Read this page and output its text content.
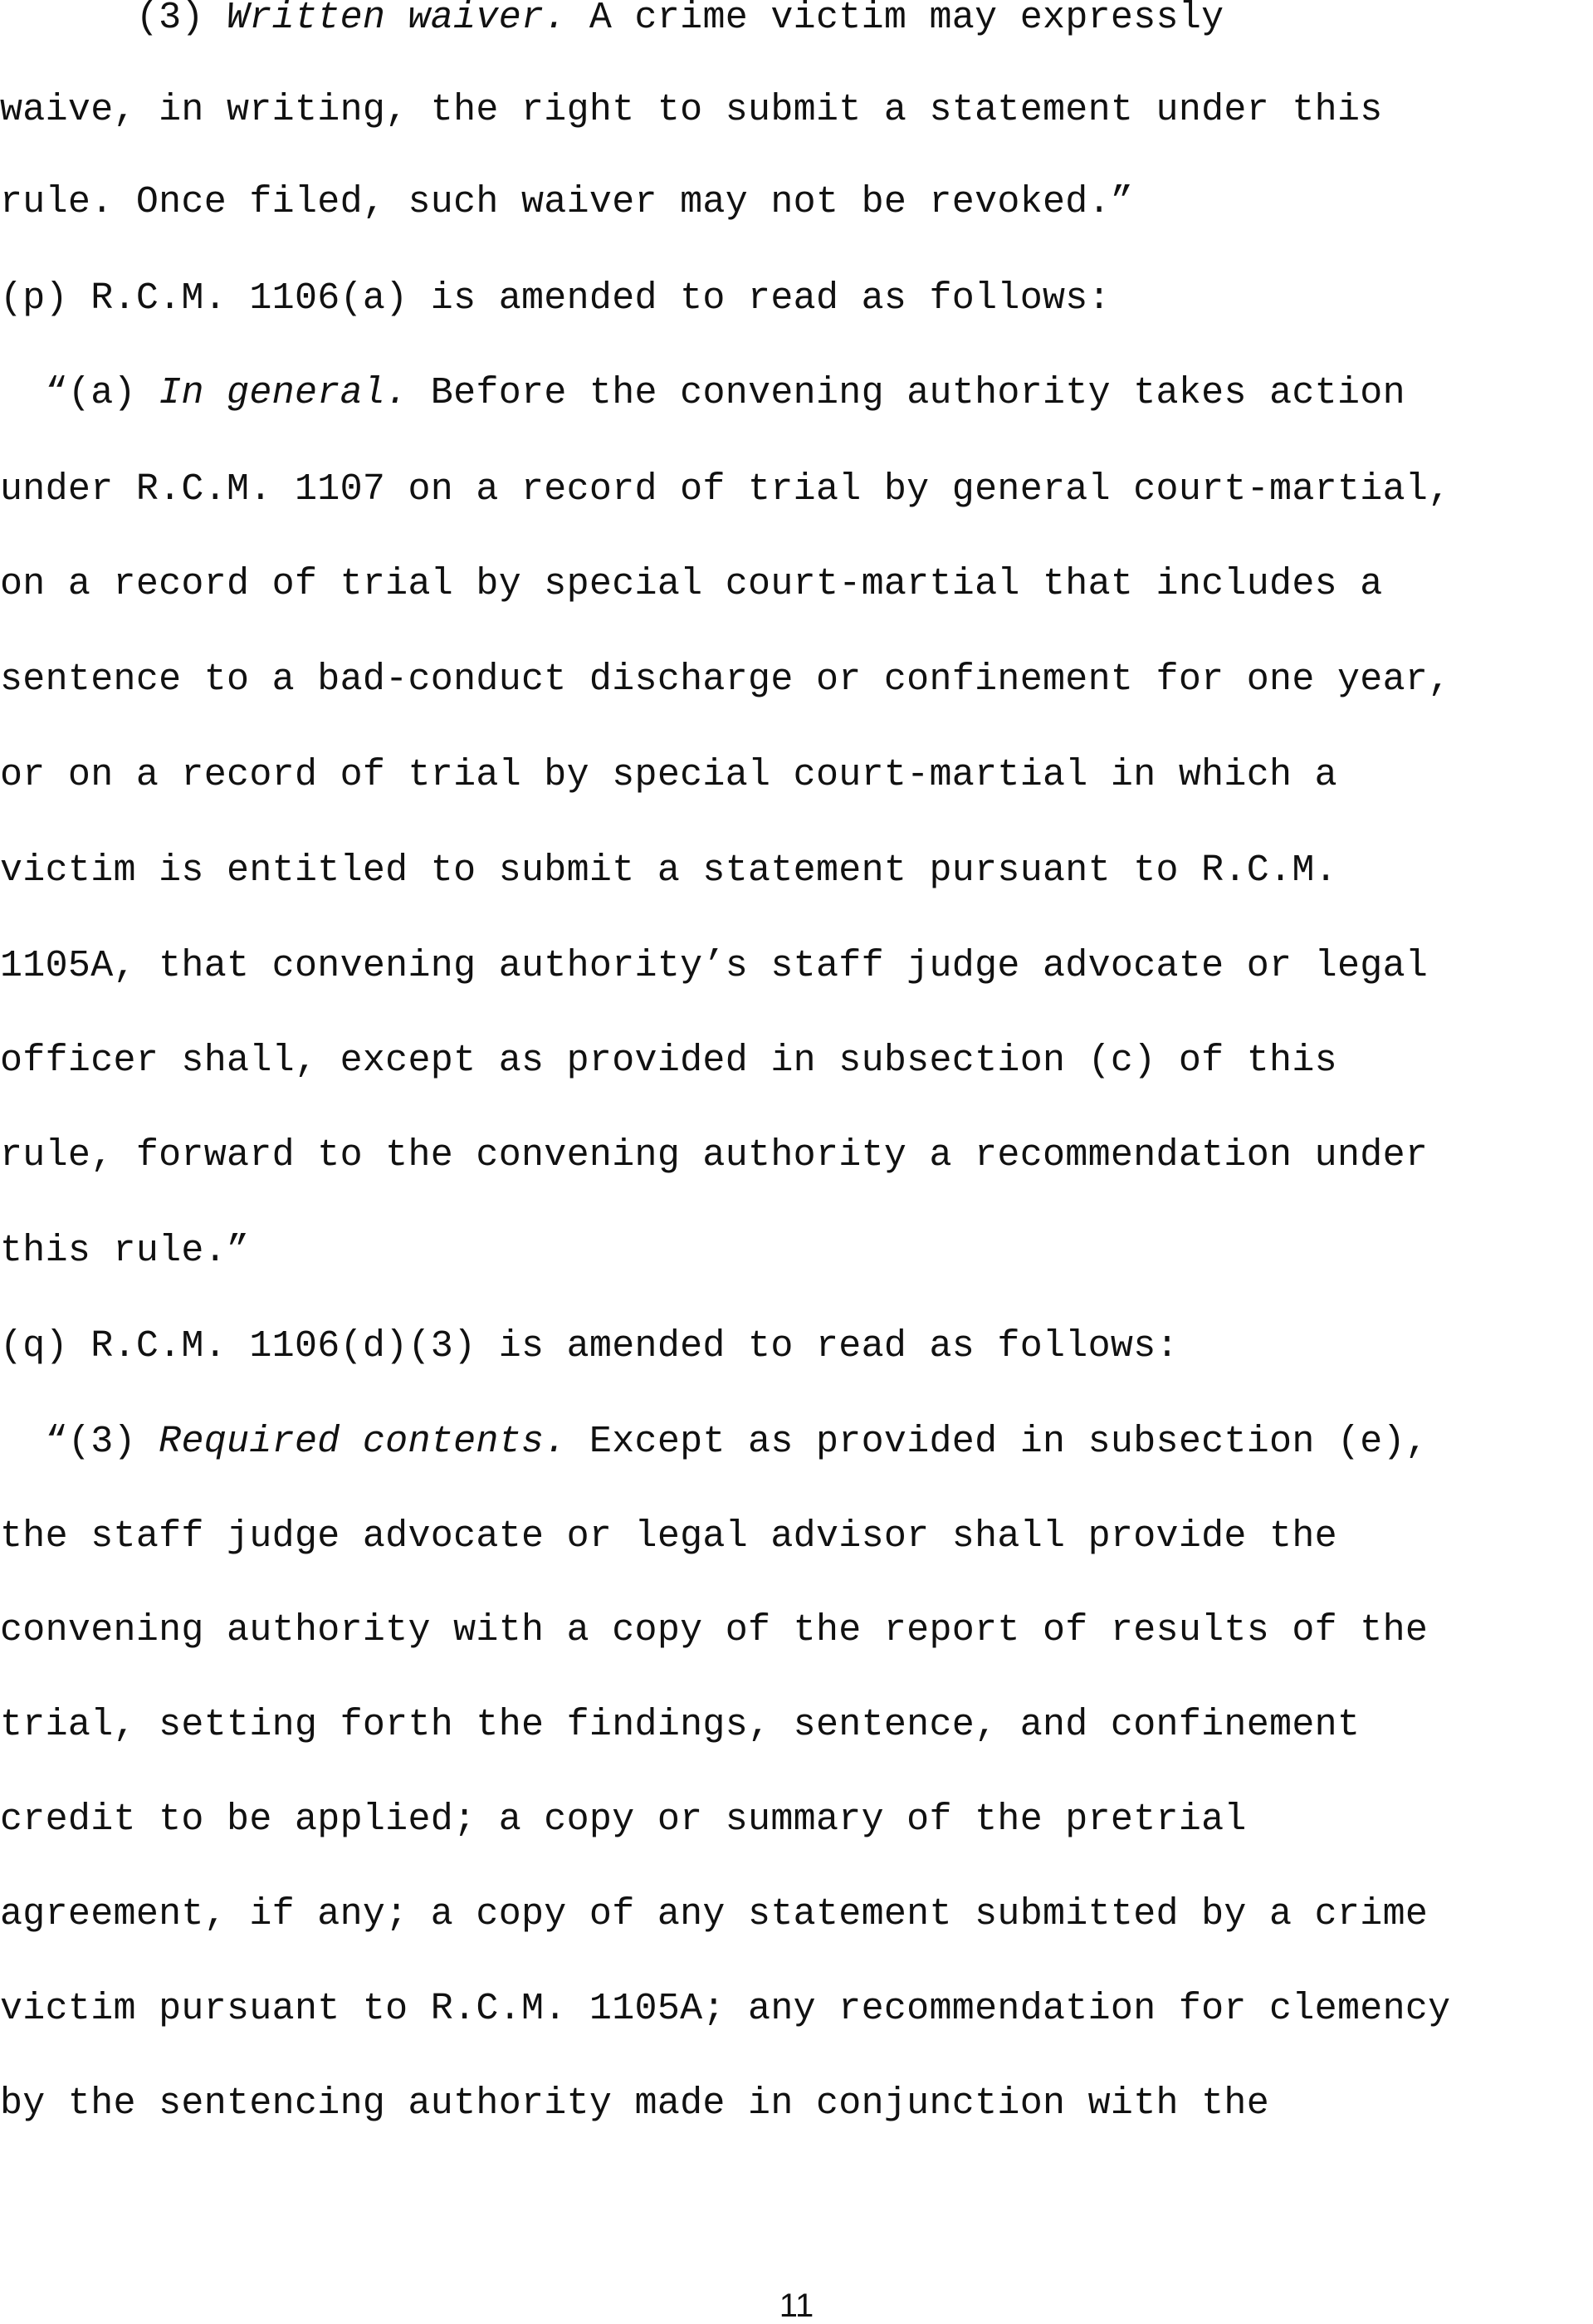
(3) Written waiver. A crime victim may expressly

waive, in writing, the right to submit a statement under this

rule. Once filed, such waiver may not be revoked.”

(p) R.C.M. 1106(a) is amended to read as follows:

“(a) In general. Before the convening authority takes action

under R.C.M. 1107 on a record of trial by general court-martial,

on a record of trial by special court-martial that includes a

sentence to a bad-conduct discharge or confinement for one year,

or on a record of trial by special court-martial in which a

victim is entitled to submit a statement pursuant to R.C.M.

1105A, that convening authority’s staff judge advocate or legal

officer shall, except as provided in subsection (c) of this

rule, forward to the convening authority a recommendation under

this rule.”

(q) R.C.M. 1106(d)(3) is amended to read as follows:

“(3) Required contents. Except as provided in subsection (e),

the staff judge advocate or legal advisor shall provide the

convening authority with a copy of the report of results of the

trial, setting forth the findings, sentence, and confinement

credit to be applied; a copy or summary of the pretrial

agreement, if any; a copy of any statement submitted by a crime

victim pursuant to R.C.M. 1105A; any recommendation for clemency

by the sentencing authority made in conjunction with the

11
